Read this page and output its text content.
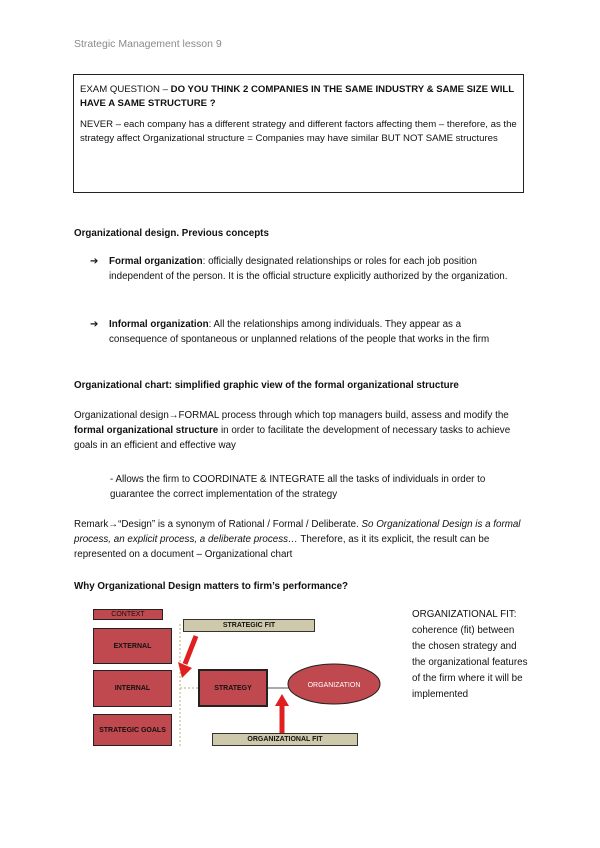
Strategic Management lesson 9

EXAM QUESTION – DO YOU THINK 2 COMPANIES IN THE SAME INDUSTRY & SAME SIZE WILL HAVE A SAME STRUCTURE ?

NEVER – each company has a different strategy and different factors affecting them – therefore, as the strategy affect Organizational structure = Companies may have similar BUT NOT SAME structures

Organizational design. Previous concepts
➔	Formal organization: officially designated relationships or roles for each job position independent of the person. It is the official structure explicitly authorized by the organization.
➔	Informal organization: All the relationships among individuals. They appear as a consequence of spontaneous or unplanned relations of the people that works in the firm
Organizational chart: simplified graphic view of the formal organizational structure
Organizational design→FORMAL process through which top managers build, assess and modify the formal organizational structure in order to facilitate the development of necessary tasks to achieve goals in an efficient and effective way
- Allows the firm to COORDINATE & INTEGRATE all the tasks of individuals in order to guarantee the correct implementation of the strategy
Remark→“Design” is a synonym of Rational / Formal / Deliberate. So Organizational Design is a formal process, an explicit process, a deliberate process… Therefore, as it its explicit, the result can be represented on a document – Organizational chart
Why Organizational Design matters to firm’s performance?
ORGANIZATION
CONTEXT
EXTERNAL
INTERNAL
STRATEGIC GOALS
STRATEGIC FIT
STRATEGY
ORGANIZATIONAL FIT
ORGANIZATIONAL FIT: coherence (fit) between the chosen strategy and the organizational features of the firm where it will be implemented
